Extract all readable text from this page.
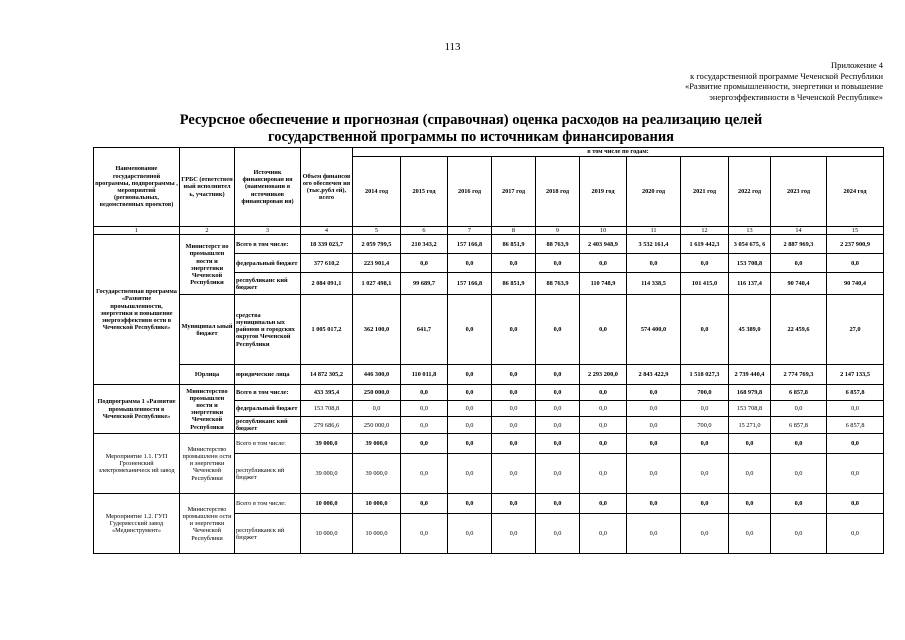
113
Приложение 4
к государственной программе Чеченской Республики
«Развитие промышленности, энергетики и повышение
энергоэффективности в Чеченской Республике»
Ресурсное обеспечение и прогнозная (справочная) оценка расходов на реализацию целей
государственной программы по источникам финансирования
Наименование государственной программы, подпрограммы , мероприятий (региональных, ведомственных проектов)	ГРБС (ответствен ный исполнител ь, участник)	Источник финансирован ия (наименовани я источников финансирован ия)	Объем финансов ого обеспечен ия (тыс.рубл ей), всего	в том числе по годам:										
				2014 год	2015 год	2016 год	2017 год	2018 год	2019 год	2020 год	2021 год	2022 год	2023 год	2024 год
1	2	3	4	5	6	7	8	9	10	11	12	13	14	15
Государственная программа «Развитие промышленности, энергетики и повышение энергоэффективн ости в Чеченской Республике»	Министерст во промышлен ности и энергетики Чеченской Республики	Всего в том числе:	18 339 023,7	2 059 799,5	210 343,2	157 166,8	86 851,9	88 763,9	2 403 948,9	3 532 161,4	1 619 442,3	3 054 675, 6	2 887 969,3	2 237 900,9
		федеральный бюджет	377 610,2	223 901,4	0,0	0,0	0,0	0,0	0,0	0,0	0,0	153 708,8	0,0	0,0
		республиканс кий бюджет	2 084 091,1	1 027 498,1	99 689,7	157 166,8	86 851,9	88 763,9	110 748,9	114 338,5	101 415,0	116 137,4	90 740,4	90 740,4
	Муниципал ьный бюджет	средства муниципальн ых районов и городских округов Чеченской Республики	1 005 017,2	362 100,0	641,7	0,0	0,0	0,0	0,0	574 400,0	0,0	45 389,0	22 459,6	27,0
	Юрлица	юридические лица	14 872 305,2	446 300,0	110 011,8	0,0	0,0	0,0	2 293 200,0	2 843 422,9	1 518 027,3	2 739 440,4	2 774 769,3	2 147 133,5
Подпрограмма 1 «Развитие промышленности в Чеченской Республике»	Министерство промышлен ности и энергетики Чеченской Республики	Всего в том числе:	433 395,4	250 000,0	0,0	0,0	0,0	0,0	0,0	0,0	700,0	168 979,8	6 857,8	6 857,8
		федеральный бюджет	153 708,8	0,0	0,0	0,0	0,0	0,0	0,0	0,0	0,0	153 708,8	0,0	0,0
		республиканс кий бюджет	279 686,6	250 000,0	0,0	0,0	0,0	0,0	0,0	0,0	700,0	15 271,0	6 857,8	6 857,8
Мероприятие 1.1. ГУП Грозненский электромеханическ ий завод	Министерство промышленн ости и энергетики Чеченской Республики	Всего в том числе:	39 000,0	39 000,0	0,0	0,0	0,0	0,0	0,0	0,0	0,0	0,0	0,0	0,0
		республиканск ий бюджет	39 000,0	39 000,0	0,0	0,0	0,0	0,0	0,0	0,0	0,0	0,0	0,0	0,0
Мероприятие 1.2. ГУП Гудермесский завод «Мединструмент»	Министерство промышленн ости и энергетики Чеченской Республики	Всего в том числе:	10 000,0	10 000,0	0,0	0,0	0,0	0,0	0,0	0,0	0,0	0,0	0,0	0,0
		республиканск ий бюджет	10 000,0	10 000,0	0,0	0,0	0,0	0,0	0,0	0,0	0,0	0,0	0,0	0,0
